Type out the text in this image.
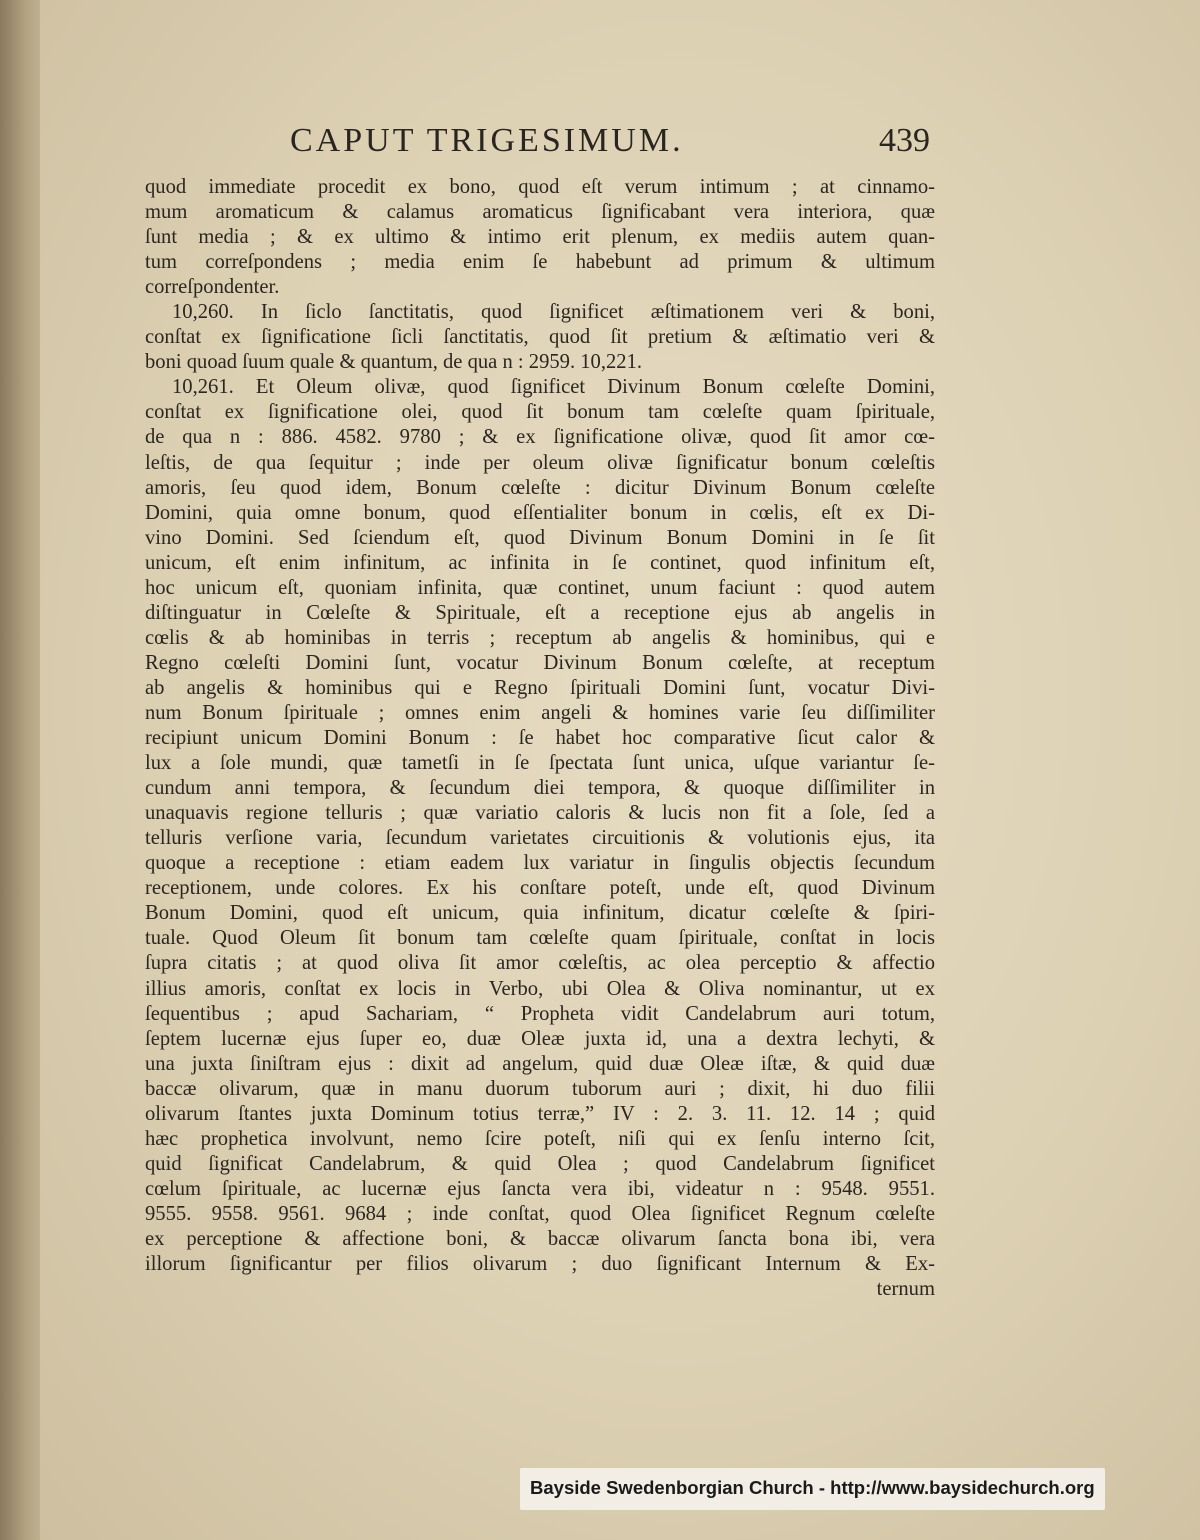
CAPUT TRIGESIMUM.	439
quod immediate procedit ex bono, quod eſt verum intimum ; at cinnamo-
mum aromaticum & calamus aromaticus ſignificabant vera interiora, quæ
ſunt media ; & ex ultimo & intimo erit plenum, ex mediis autem quan-
tum correſpondens ; media enim ſe habebunt ad primum & ultimum
correſpondenter.
10,260. In ſiclo ſanctitatis, quod ſignificet æſtimationem veri & boni,
conſtat ex ſignificatione ſicli ſanctitatis, quod ſit pretium & æſtimatio veri &
boni quoad ſuum quale & quantum, de qua n : 2959. 10,221.
10,261. Et Oleum olivæ, quod ſignificet Divinum Bonum cœleſte Domini,
conſtat ex ſignificatione olei, quod ſit bonum tam cœleſte quam ſpirituale,
de qua n : 886. 4582. 9780 ; & ex ſignificatione olivæ, quod ſit amor cœ-
leſtis, de qua ſequitur ; inde per oleum olivæ ſignificatur bonum cœleſtis
amoris, ſeu quod idem, Bonum cœleſte : dicitur Divinum Bonum cœleſte
Domini, quia omne bonum, quod eſſentialiter bonum in cœlis, eſt ex Di-
vino Domini. Sed ſciendum eſt, quod Divinum Bonum Domini in ſe ſit
unicum, eſt enim infinitum, ac infinita in ſe continet, quod infinitum eſt,
hoc unicum eſt, quoniam infinita, quæ continet, unum faciunt : quod autem
diſtinguatur in Cœleſte & Spirituale, eſt a receptione ejus ab angelis in
cœlis & ab hominibas in terris ; receptum ab angelis & hominibus, qui e
Regno cœleſti Domini ſunt, vocatur Divinum Bonum cœleſte, at receptum
ab angelis & hominibus qui e Regno ſpirituali Domini ſunt, vocatur Divi-
num Bonum ſpirituale ; omnes enim angeli & homines varie ſeu diſſimiliter
recipiunt unicum Domini Bonum : ſe habet hoc comparative ſicut calor &
lux a ſole mundi, quæ tametſi in ſe ſpectata ſunt unica, uſque variantur ſe-
cundum anni tempora, & ſecundum diei tempora, & quoque diſſimiliter in
unaquavis regione telluris ; quæ variatio caloris & lucis non fit a ſole, ſed a
telluris verſione varia, ſecundum varietates circuitionis & volutionis ejus, ita
quoque a receptione : etiam eadem lux variatur in ſingulis objectis ſecundum
receptionem, unde colores. Ex his conſtare poteſt, unde eſt, quod Divinum
Bonum Domini, quod eſt unicum, quia infinitum, dicatur cœleſte & ſpiri-
tuale. Quod Oleum ſit bonum tam cœleſte quam ſpirituale, conſtat in locis
ſupra citatis ; at quod oliva ſit amor cœleſtis, ac olea perceptio & affectio
illius amoris, conſtat ex locis in Verbo, ubi Olea & Oliva nominantur, ut ex
ſequentibus ; apud Sachariam, “ Propheta vidit Candelabrum auri totum,
ſeptem lucernæ ejus ſuper eo, duæ Oleæ juxta id, una a dextra lechyti, &
una juxta ſiniſtram ejus : dixit ad angelum, quid duæ Oleæ iſtæ, & quid duæ
baccæ olivarum, quæ in manu duorum tuborum auri ; dixit, hi duo filii
olivarum ſtantes juxta Dominum totius terræ,” IV : 2. 3. 11. 12. 14 ; quid
hæc prophetica involvunt, nemo ſcire poteſt, niſi qui ex ſenſu interno ſcit,
quid ſignificat Candelabrum, & quid Olea ; quod Candelabrum ſignificet
cœlum ſpirituale, ac lucernæ ejus ſancta vera ibi, videatur n : 9548. 9551.
9555. 9558. 9561. 9684 ; inde conſtat, quod Olea ſignificet Regnum cœleſte
ex perceptione & affectione boni, & baccæ olivarum ſancta bona ibi, vera
illorum ſignificantur per filios olivarum ; duo ſignificant Internum & Ex-
ternum
Bayside Swedenborgian Church - http://www.baysidechurch.org
